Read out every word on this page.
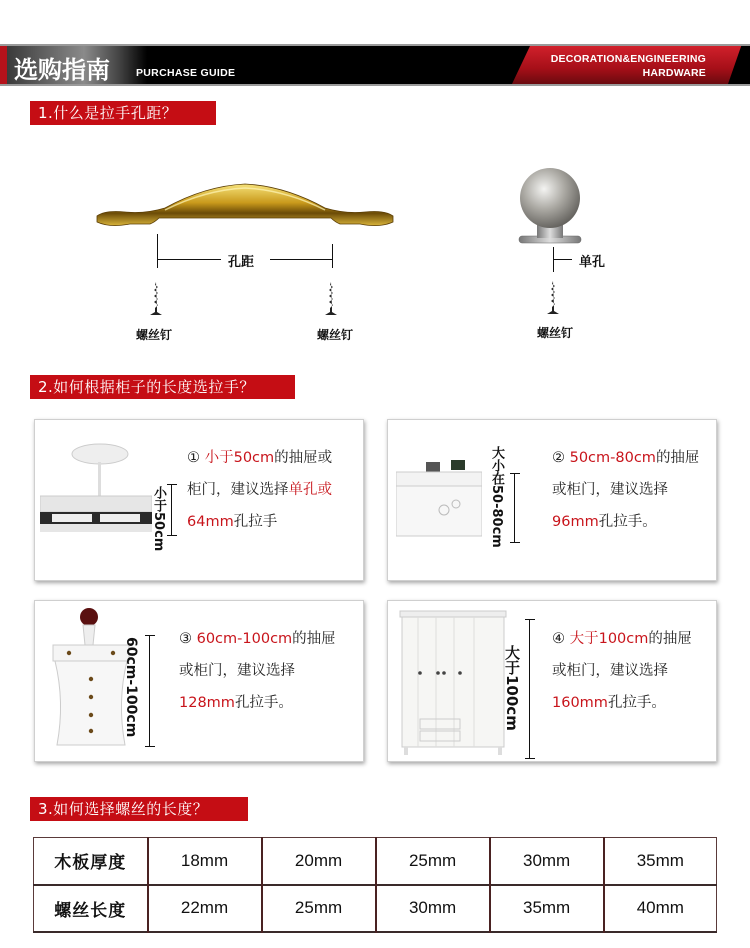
选购指南 PURCHASE GUIDE
DECORATION&ENGINEERING
HARDWARE
1.什么是拉手孔距？
孔距
螺丝钉	螺丝钉
单孔
螺丝钉
2.如何根据柜子的长度选拉手？
小于50cm
① 小于50cm的抽屉或
柜门，建议选择单孔或
64mm孔拉手	大小在50-80cm	② 50cm-80cm的抽屉
或柜门，建议选择
96mm孔拉手。
60cm-100cm	③ 60cm-100cm的抽屉
或柜门，建议选择
128mm孔拉手。	大于100cm
④ 大于100cm的抽屉
或柜门，建议选择
160mm孔拉手。
3.如何选择螺丝的长度？
木板厚度	18mm	20mm	25mm	30mm	35mm
螺丝长度	22mm	25mm	30mm	35mm	40mm
